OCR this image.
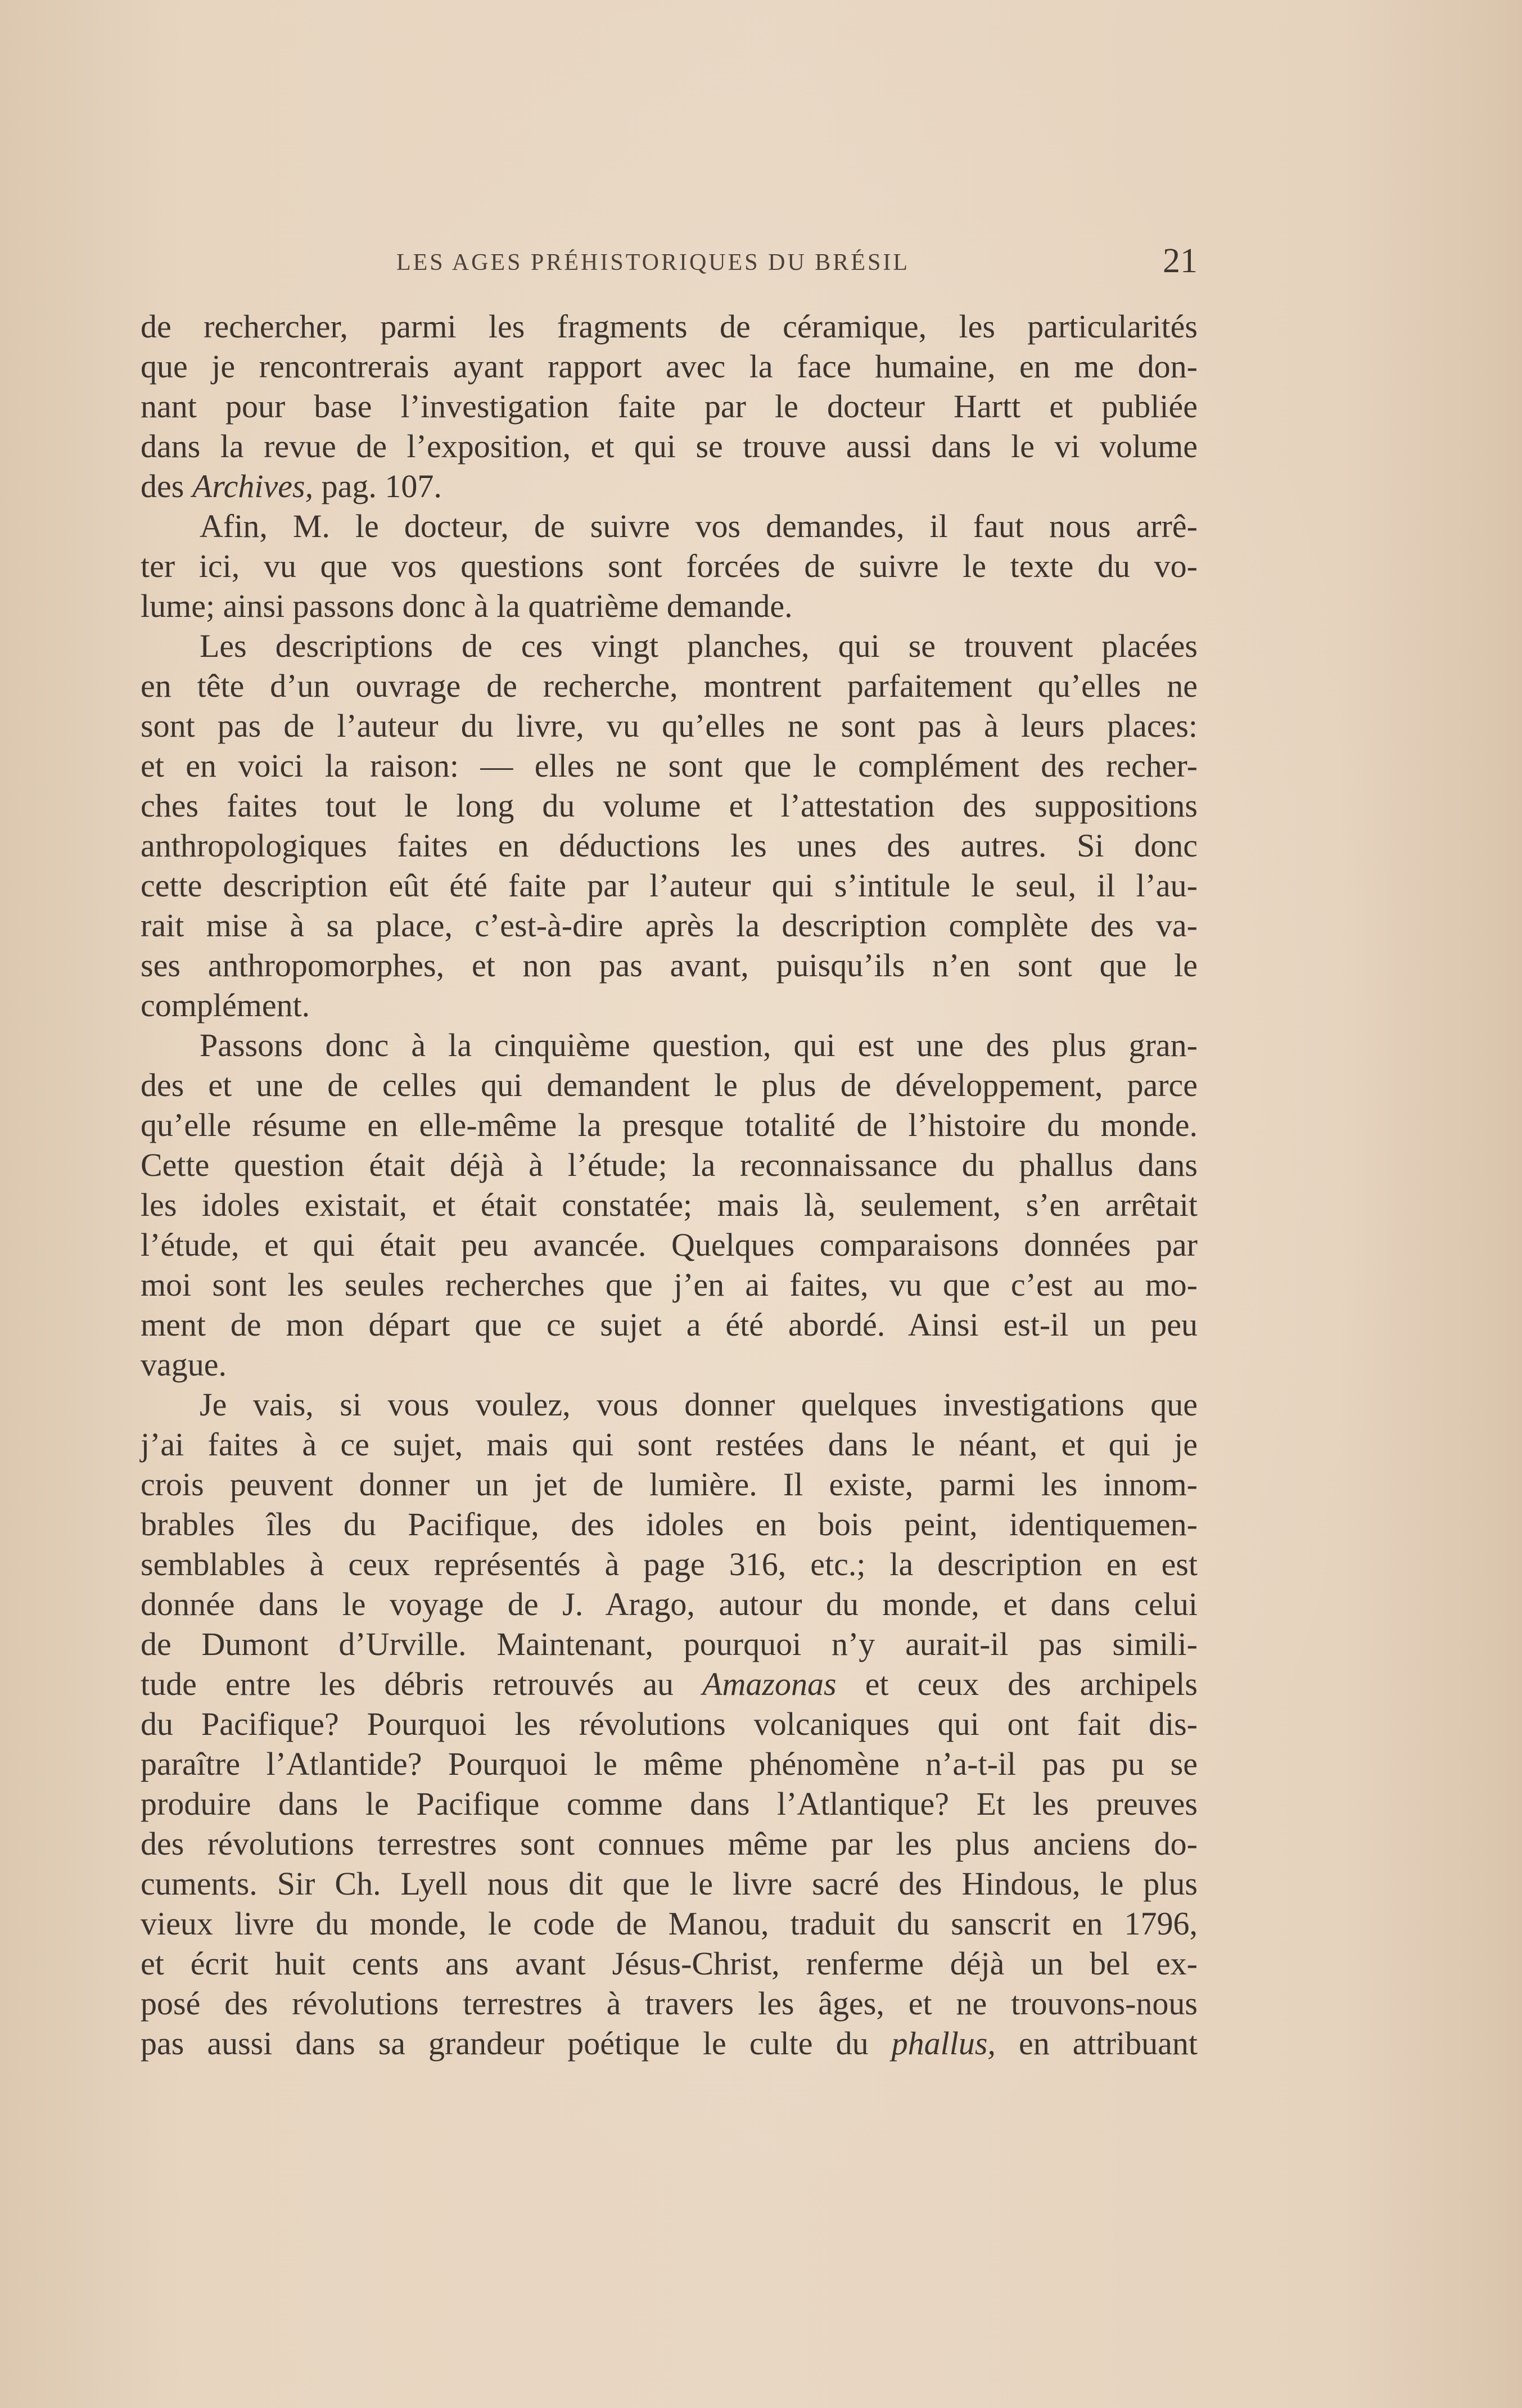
LES AGES PRÉHISTORIQUES DU BRÉSIL	21
de rechercher, parmi les fragments de céramique, les particularités
que je rencontrerais ayant rapport avec la face humaine, en me don-
nant pour base l’investigation faite par le docteur Hartt et publiée
dans la revue de l’exposition, et qui se trouve aussi dans le vi volume
des Archives, pag. 107.
Afin, M. le docteur, de suivre vos demandes, il faut nous arrê-
ter ici, vu que vos questions sont forcées de suivre le texte du vo-
lume; ainsi passons donc à la quatrième demande.
Les descriptions de ces vingt planches, qui se trouvent placées
en tête d’un ouvrage de recherche, montrent parfaitement qu’elles ne
sont pas de l’auteur du livre, vu qu’elles ne sont pas à leurs places:
et en voici la raison: — elles ne sont que le complément des recher-
ches faites tout le long du volume et l’attestation des suppositions
anthropologiques faites en déductions les unes des autres. Si donc
cette description eût été faite par l’auteur qui s’intitule le seul, il l’au-
rait mise à sa place, c’est-à-dire après la description complète des va-
ses anthropomorphes, et non pas avant, puisqu’ils n’en sont que le
complément.
Passons donc à la cinquième question, qui est une des plus gran-
des et une de celles qui demandent le plus de développement, parce
qu’elle résume en elle-même la presque totalité de l’histoire du monde.
Cette question était déjà à l’étude; la reconnaissance du phallus dans
les idoles existait, et était constatée; mais là, seulement, s’en arrêtait
l’étude, et qui était peu avancée. Quelques comparaisons données par
moi sont les seules recherches que j’en ai faites, vu que c’est au mo-
ment de mon départ que ce sujet a été abordé. Ainsi est-il un peu
vague.
Je vais, si vous voulez, vous donner quelques investigations que
j’ai faites à ce sujet, mais qui sont restées dans le néant, et qui je
crois peuvent donner un jet de lumière. Il existe, parmi les innom-
brables îles du Pacifique, des idoles en bois peint, identiquemen-
semblables à ceux représentés à page 316, etc.; la description en est
donnée dans le voyage de J. Arago, autour du monde, et dans celui
de Dumont d’Urville. Maintenant, pourquoi n’y aurait-il pas simili-
tude entre les débris retrouvés au Amazonas et ceux des archipels
du Pacifique? Pourquoi les révolutions volcaniques qui ont fait dis-
paraître l’Atlantide? Pourquoi le même phénomène n’a-t-il pas pu se
produire dans le Pacifique comme dans l’Atlantique? Et les preuves
des révolutions terrestres sont connues même par les plus anciens do-
cuments. Sir Ch. Lyell nous dit que le livre sacré des Hindous, le plus
vieux livre du monde, le code de Manou, traduit du sanscrit en 1796,
et écrit huit cents ans avant Jésus-Christ, renferme déjà un bel ex-
posé des révolutions terrestres à travers les âges, et ne trouvons-nous
pas aussi dans sa grandeur poétique le culte du phallus, en attribuant
